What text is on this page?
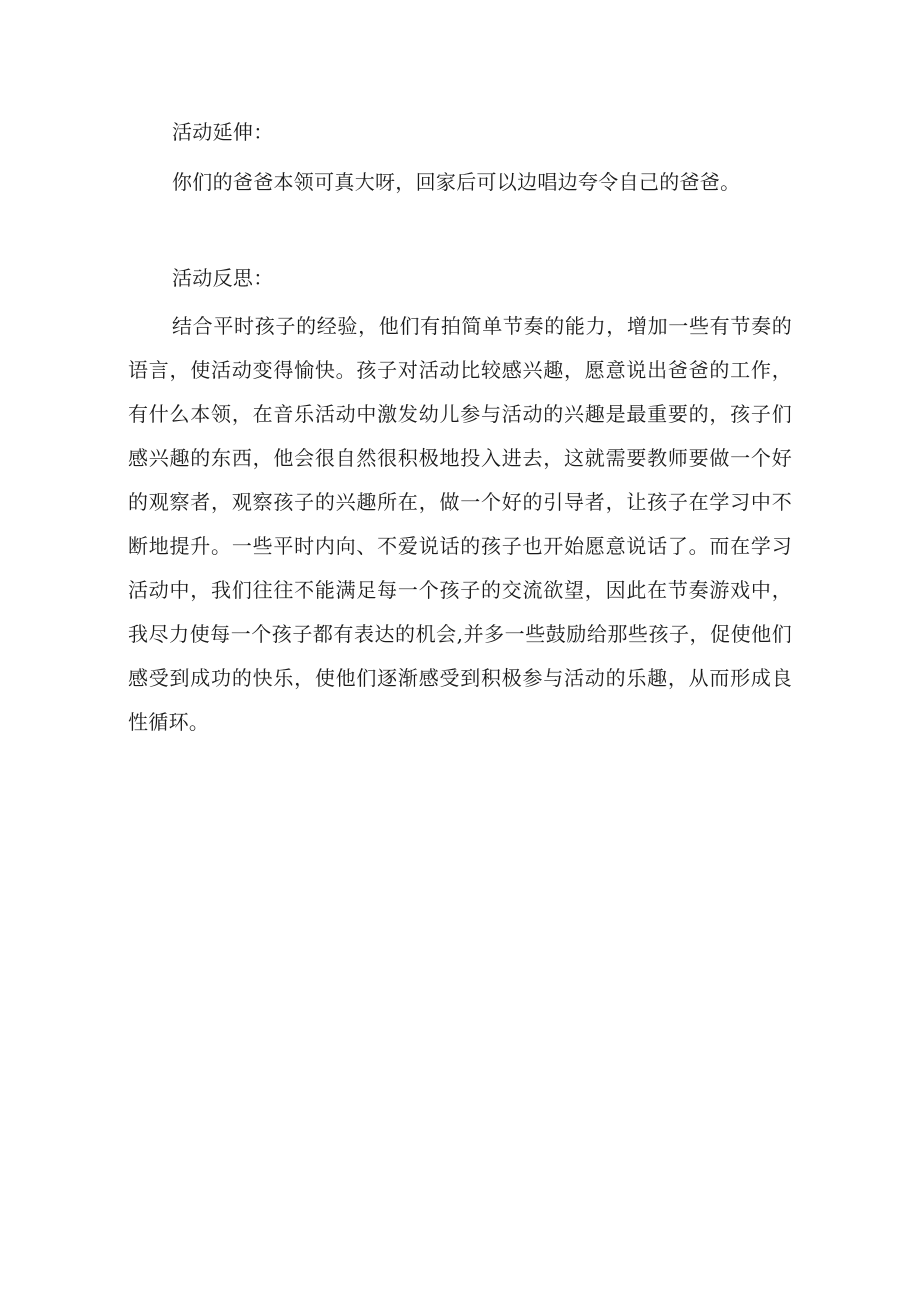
活动延伸：

你们的爸爸本领可真大呀，回家后可以边唱边夸令自己的爸爸。

活动反思：

结合平时孩子的经验，他们有拍简单节奏的能力，增加一些有节奏的语言，使活动变得愉快。孩子对活动比较感兴趣，愿意说出爸爸的工作，有什么本领，在音乐活动中激发幼儿参与活动的兴趣是最重要的，孩子们感兴趣的东西，他会很自然很积极地投入进去，这就需要教师要做一个好的观察者，观察孩子的兴趣所在，做一个好的引导者，让孩子在学习中不断地提升。一些平时内向、不爱说话的孩子也开始愿意说话了。而在学习活动中，我们往往不能满足每一个孩子的交流欲望，因此在节奏游戏中，我尽力使每一个孩子都有表达的机会,并多一些鼓励给那些孩子，促使他们感受到成功的快乐，使他们逐渐感受到积极参与活动的乐趣，从而形成良性循环。
